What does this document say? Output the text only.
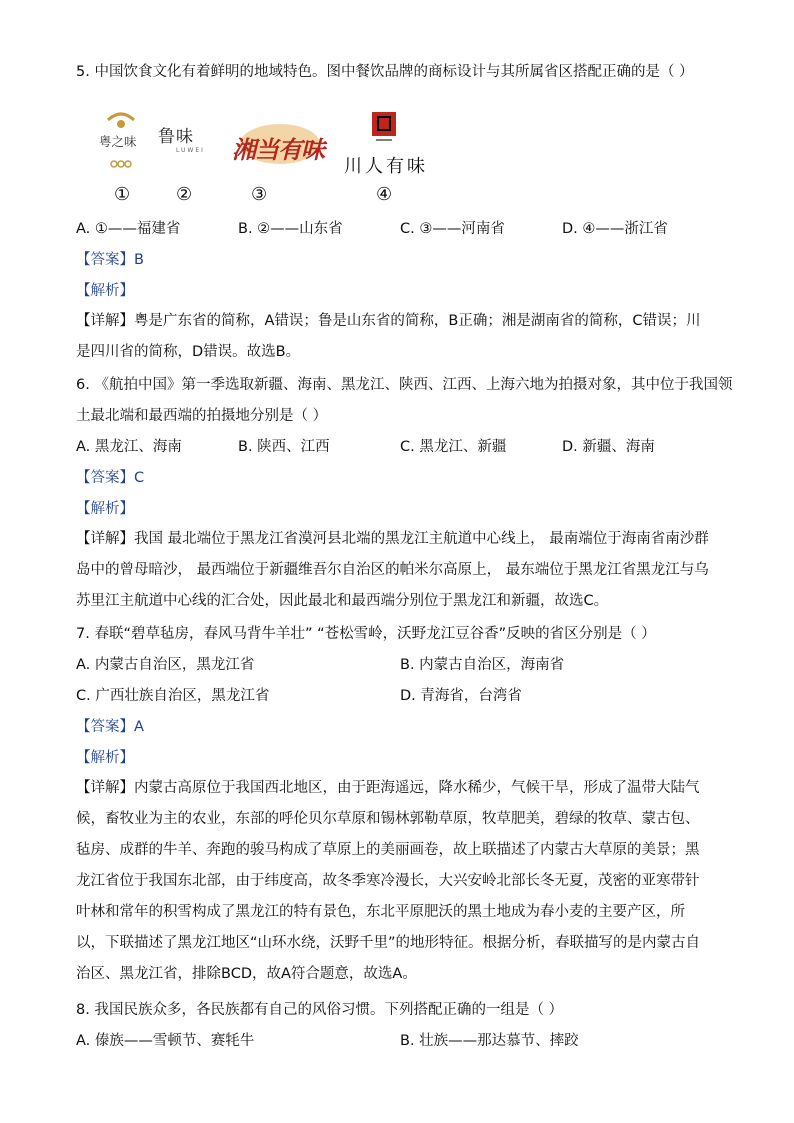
5. 中国饮食文化有着鲜明的地域特色。图中餐饮品牌的商标设计与其所属省区搭配正确的是（ ）
粤之味 鲁味
LUWEI	湘当有味
川人有味
①	②	③	④
A. ①——福建省	B. ②——山东省	C. ③——河南省	D. ④——浙江省
【答案】B
【解析】
【详解】粤是广东省的简称，A错误；鲁是山东省的简称，B正确；湘是湖南省的简称，C错误；川是四川省的简称，D错误。故选B。
6. 《航拍中国》第一季选取新疆、海南、黑龙江、陕西、江西、上海六地为拍摄对象，其中位于我国领
土最北端和最西端的拍摄地分别是（ ）
A. 黑龙江、海南	B. 陕西、江西	C. 黑龙江、新疆	D. 新疆、海南
【答案】C
【解析】
【详解】我国 最北端位于黑龙江省漠河县北端的黑龙江主航道中心线上， 最南端位于海南省南沙群岛中的曾母暗沙， 最西端位于新疆维吾尔自治区的帕米尔高原上， 最东端位于黑龙江省黑龙江与乌苏里江主航道中心线的汇合处，因此最北和最西端分别位于黑龙江和新疆，故选C。
7. 春联“碧草毡房，春风马背牛羊壮” “苍松雪岭，沃野龙江豆谷香”反映的省区分别是（ ）
A. 内蒙古自治区，黑龙江省	B. 内蒙古自治区，海南省
C. 广西壮族自治区，黑龙江省	D. 青海省，台湾省
【答案】A
【解析】
【详解】内蒙古高原位于我国西北地区，由于距海遥远，降水稀少，气候干旱，形成了温带大陆气候，畜牧业为主的农业，东部的呼伦贝尔草原和锡林郭勒草原，牧草肥美，碧绿的牧草、蒙古包、毡房、成群的牛羊、奔跑的骏马构成了草原上的美丽画卷，故上联描述了内蒙古大草原的美景；黑龙江省位于我国东北部，由于纬度高，故冬季寒冷漫长，大兴安岭北部长冬无夏，茂密的亚寒带针叶林和常年的积雪构成了黑龙江的特有景色，东北平原肥沃的黑土地成为春小麦的主要产区，所以，下联描述了黑龙江地区“山环水绕，沃野千里”的地形特征。根据分析，春联描写的是内蒙古自治区、黑龙江省，排除BCD，故A符合题意，故选A。
8. 我国民族众多，各民族都有自己的风俗习惯。下列搭配正确的一组是（ ）
A. 傣族——雪顿节、赛牦牛	B. 壮族——那达慕节、摔跤
